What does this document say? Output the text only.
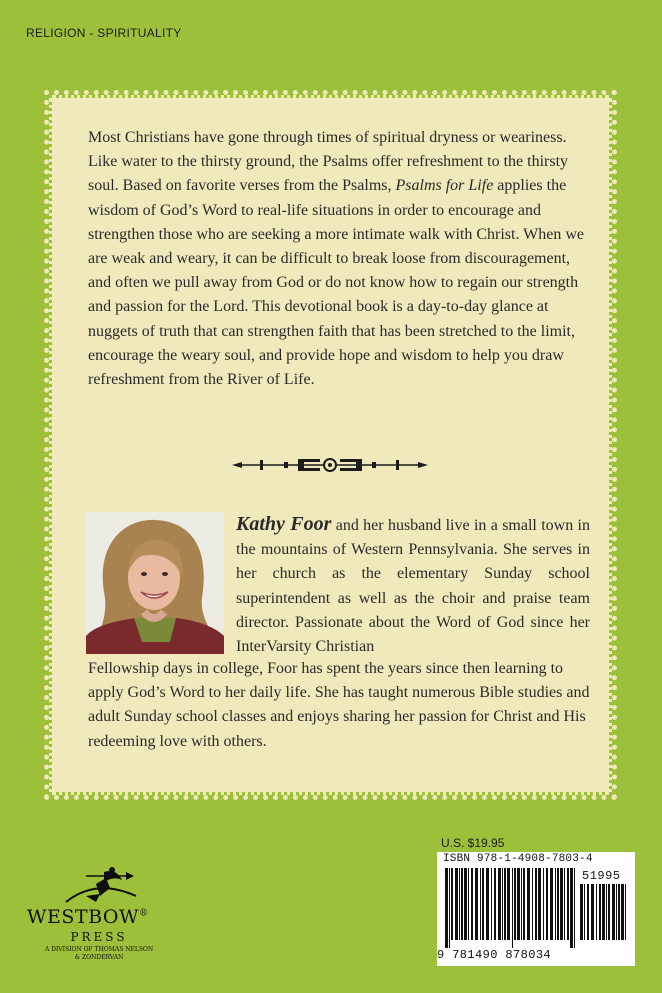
RELIGION - SPIRITUALITY

Most Christians have gone through times of spiritual dryness or weariness. Like water to the thirsty ground, the Psalms offer refreshment to the thirsty soul. Based on favorite verses from the Psalms, Psalms for Life applies the wisdom of God’s Word to real-life situations in order to encourage and strengthen those who are seeking a more intimate walk with Christ. When we are weak and weary, it can be difficult to break loose from discouragement, and often we pull away from God or do not know how to regain our strength and passion for the Lord. This devotional book is a day-to-day glance at nuggets of truth that can strengthen faith that has been stretched to the limit, encourage the weary soul, and provide hope and wisdom to help you draw refreshment from the River of Life.

Kathy Foor and her husband live in a small town in the mountains of Western Pennsylvania. She serves in her church as the elementary Sunday school superintendent as well as the choir and praise team director. Passionate about the Word of God since her InterVarsity Christian

Fellowship days in college, Foor has spent the years since then learning to apply God’s Word to her daily life. She has taught numerous Bible studies and adult Sunday school classes and enjoys sharing her passion for Christ and His redeeming love with others.

U.S. $19.95
ISBN 978-1-4908-7803-4
51995
9 781490 878034
WESTBOW®
PRESS
A DIVISION OF THOMAS NELSON
& ZONDERVAN
